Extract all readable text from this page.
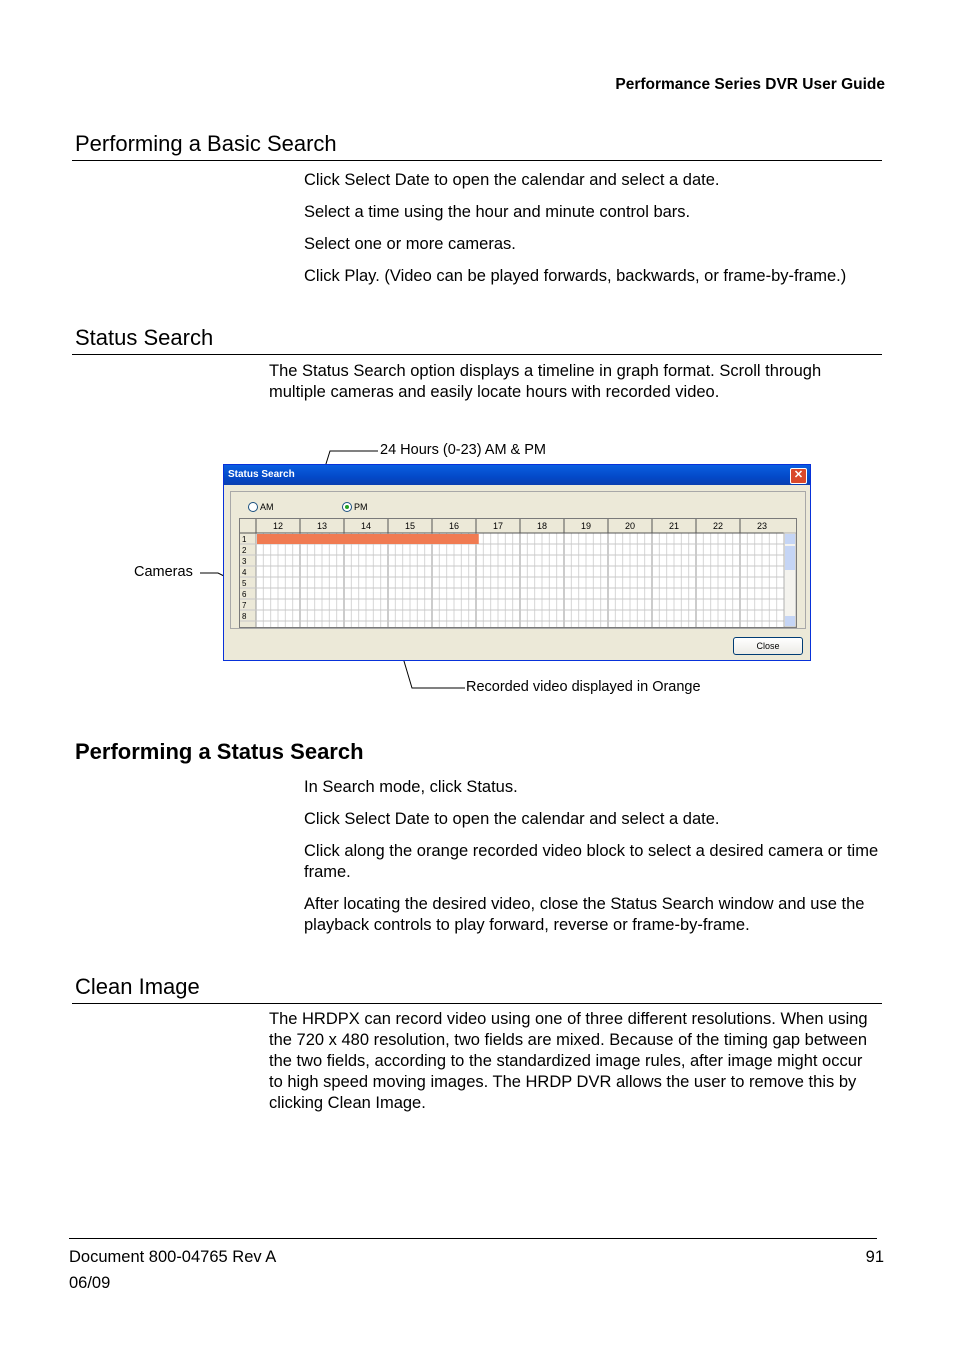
Performance Series DVR User Guide
Performing a Basic Search
Click Select Date to open the calendar and select a date.
Select a time using the hour and minute control bars.
Select one or more cameras.
Click Play. (Video can be played forwards, backwards, or frame-by-frame.)
Status Search
The Status Search option displays a timeline in graph format. Scroll through multiple cameras and easily locate hours with recorded video.
24 Hours (0-23) AM & PM
Cameras
Recorded video displayed in Orange
Status Search	✕
AM	PM
12	13	14	15	16	17	18	19	20	21	22	23
1
2
3
4
5
6
7
8
Close
Performing a Status Search
In Search mode, click Status.
Click Select Date to open the calendar and select a date.
Click along the orange recorded video block to select a desired camera or time frame.
After locating the desired video, close the Status Search window and use the playback controls to play forward, reverse or frame-by-frame.
Clean Image
The HRDPX can record video using one of three different resolutions. When using the 720 x 480 resolution, two fields are mixed. Because of the timing gap between the two fields, according to the standardized image rules, after image might occur to high speed moving images. The HRDP DVR allows the user to remove this by clicking Clean Image.
Document 800-04765 Rev A
06/09
91
